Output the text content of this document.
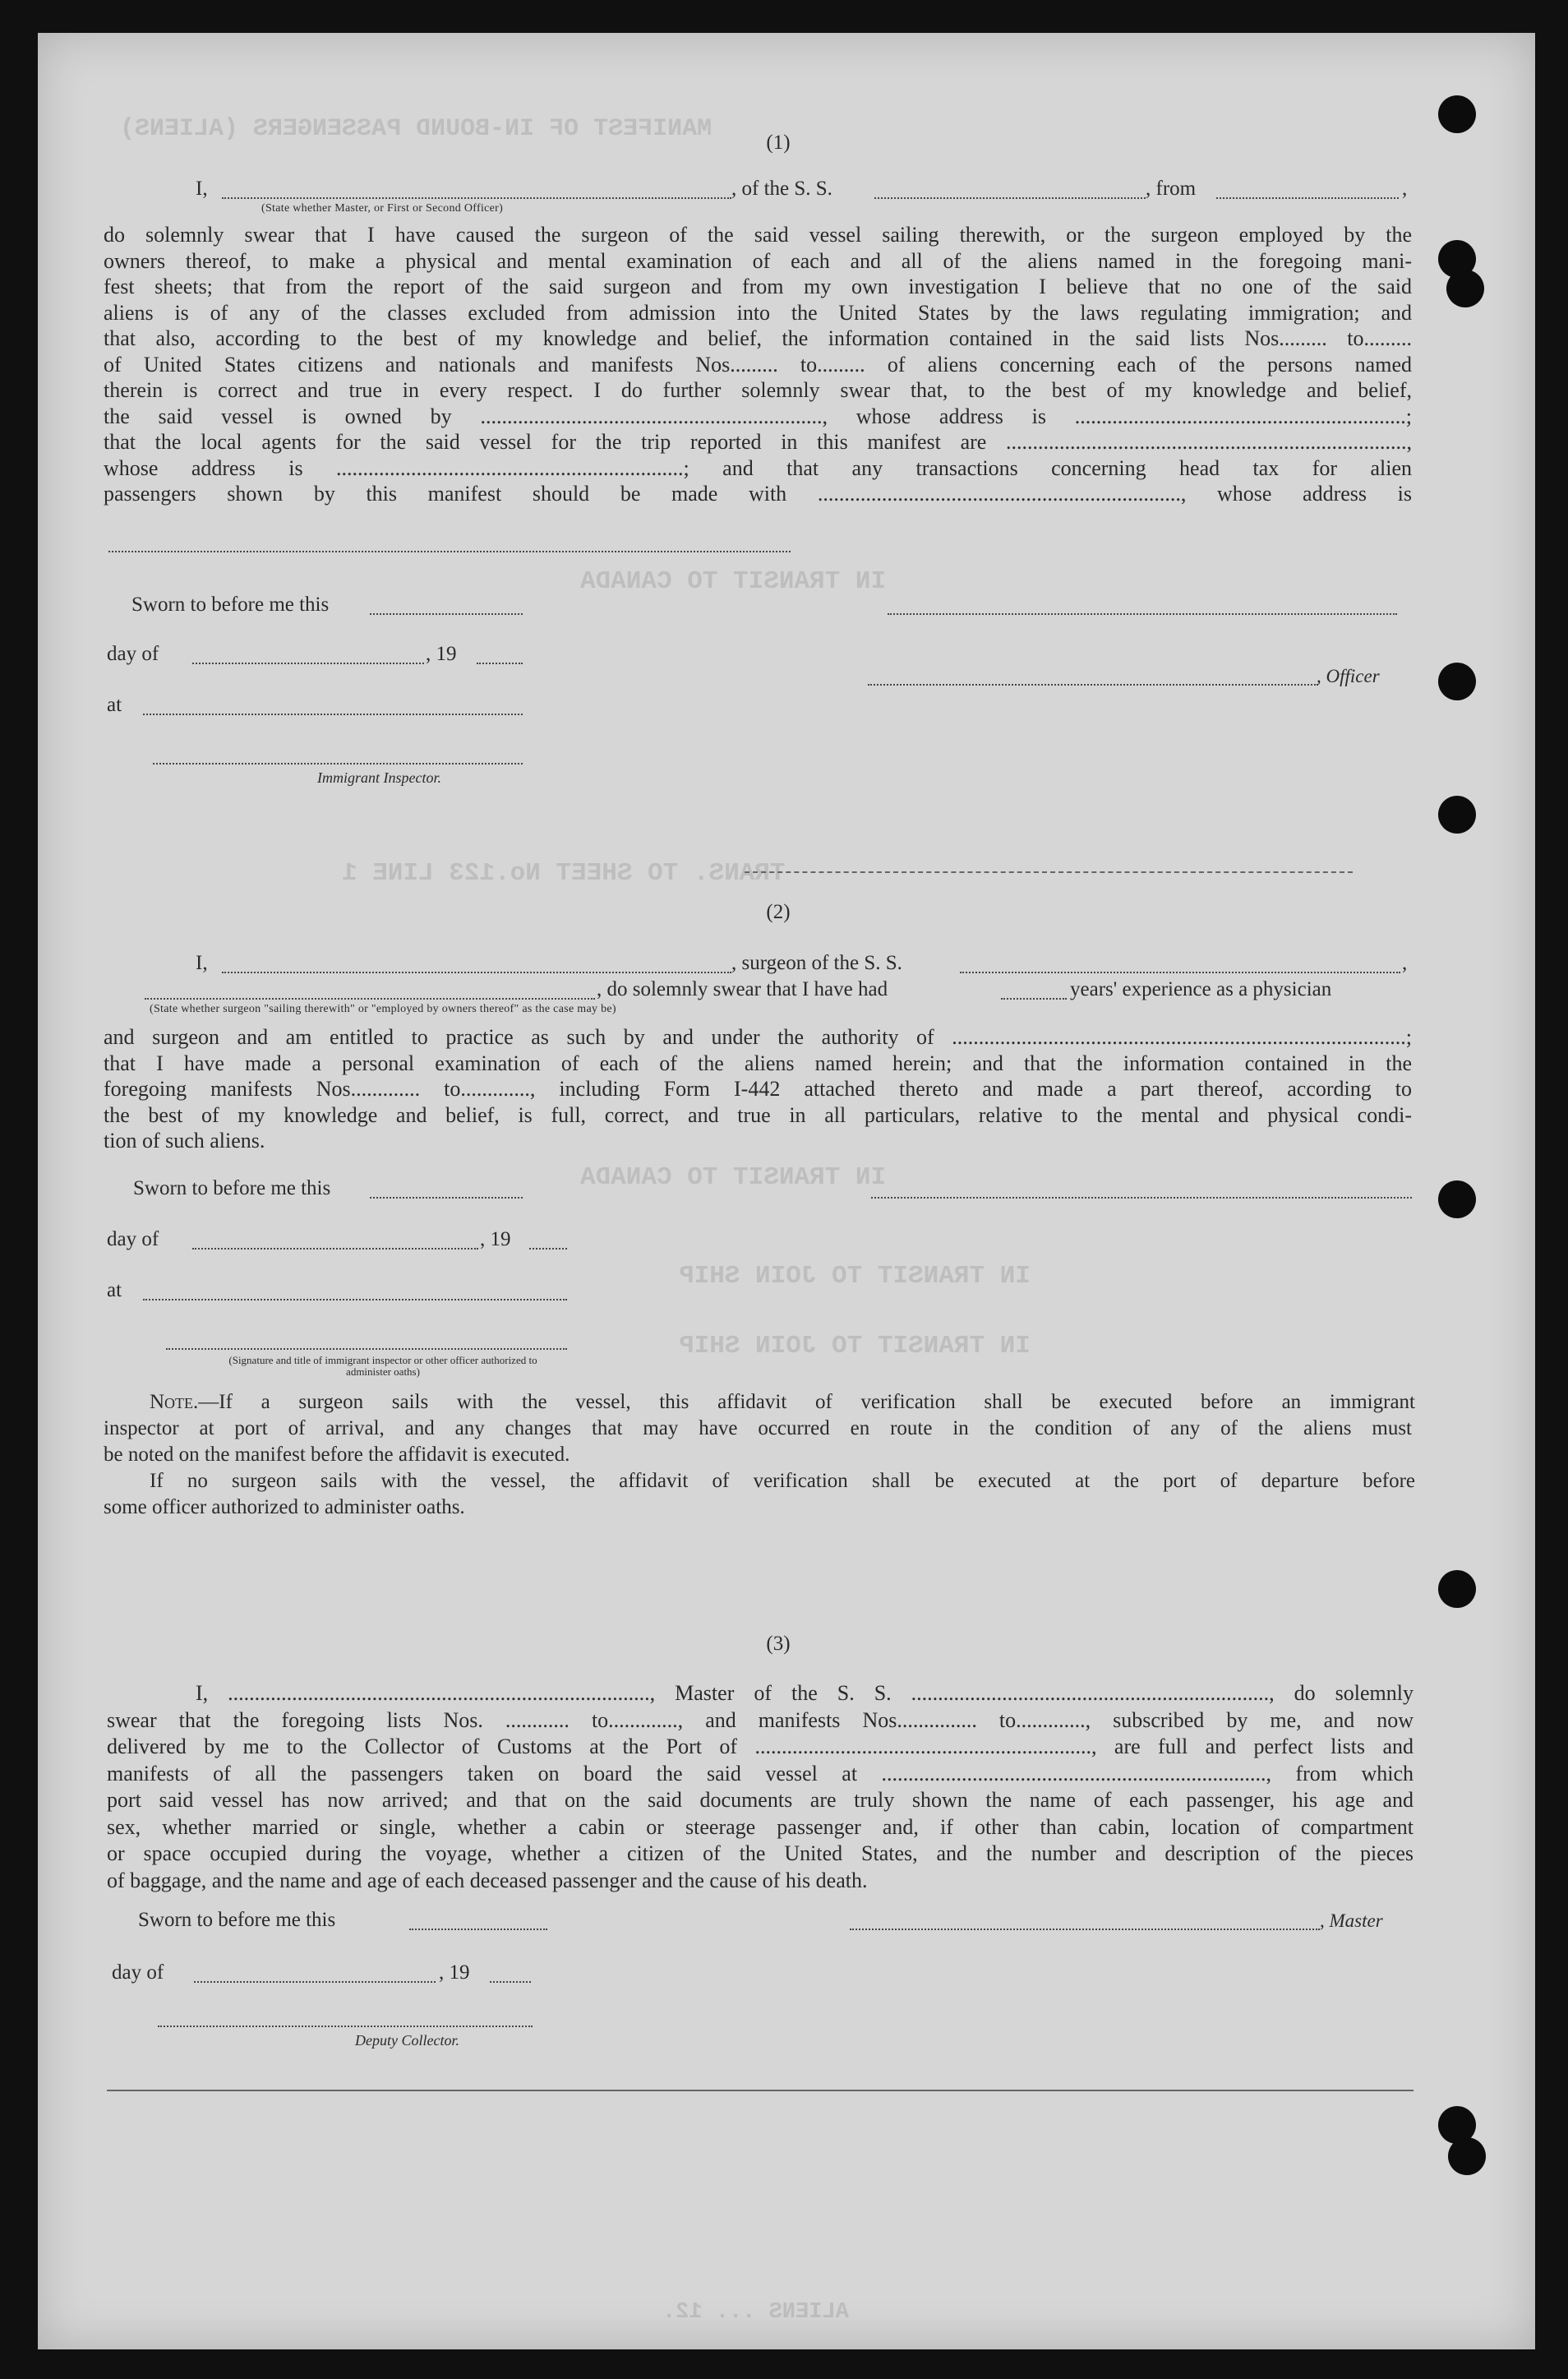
MANIFEST OF IN-BOUND PASSENGERS (ALIENS)
IN TRANSIT TO CANADA
TRANS. TO SHEET No.123 LINE 1
IN TRANSIT TO CANADA
IN TRANSIT TO JOIN SHIP
IN TRANSIT TO JOIN SHIP
ALIENS ... 12.
(1)
I,	, of the S. S.	, from	,
(State whether Master, or First or Second Officer)

do solemnly swear that I have caused the surgeon of the said vessel sailing therewith, or the surgeon employed by the

owners thereof, to make a physical and mental examination of each and all of the aliens named in the foregoing mani-

fest sheets; that from the report of the said surgeon and from my own investigation I believe that no one of the said

aliens is of any of the classes excluded from admission into the United States by the laws regulating immigration; and

that also, according to the best of my knowledge and belief, the information contained in the said lists Nos......... to.........

of United States citizens and nationals and manifests Nos......... to......... of aliens concerning each of the persons named

therein is correct and true in every respect. I do further solemnly swear that, to the best of my knowledge and belief,

the said vessel is owned by ................................................................, whose address is ..............................................................;

that the local agents for the said vessel for the trip reported in this manifest are ...........................................................................,

whose address is .................................................................; and that any transactions concerning head tax for alien

passengers shown by this manifest should be made with ...................................................................., whose address is

Sworn to before me this
day of	, 19
, Officer
at
Immigrant Inspector.
(2)
I,	, surgeon of the S. S.	,
, do solemnly swear that I have had	years' experience as a physician
(State whether surgeon "sailing therewith" or "employed by owners thereof" as the case may be)

and surgeon and am entitled to practice as such by and under the authority of .....................................................................................;

that I have made a personal examination of each of the aliens named herein; and that the information contained in the

foregoing manifests Nos............. to............., including Form I-442 attached thereto and made a part thereof, according to

the best of my knowledge and belief, is full, correct, and true in all particulars, relative to the mental and physical condi-

tion of such aliens.

Sworn to before me this
day of	, 19
at
(Signature and title of immigrant inspector or other officer authorized to administer oaths)

Note.—If a surgeon sails with the vessel, this affidavit of verification shall be executed before an immigrant

inspector at port of arrival, and any changes that may have occurred en route in the condition of any of the aliens must

be noted on the manifest before the affidavit is executed.

If no surgeon sails with the vessel, the affidavit of verification shall be executed at the port of departure before

some officer authorized to administer oaths.

(3)

I, ..............................................................................., Master of the S. S. ..................................................................., do solemnly

swear that the foregoing lists Nos. ............ to............., and manifests Nos............... to............., subscribed by me, and now

delivered by me to the Collector of Customs at the Port of ..............................................................., are full and perfect lists and

manifests of all the passengers taken on board the said vessel at ........................................................................, from which

port said vessel has now arrived; and that on the said documents are truly shown the name of each passenger, his age and

sex, whether married or single, whether a cabin or steerage passenger and, if other than cabin, location of compartment

or space occupied during the voyage, whether a citizen of the United States, and the number and description of the pieces

of baggage, and the name and age of each deceased passenger and the cause of his death.

Sworn to before me this	, Master
day of	, 19
Deputy Collector.
